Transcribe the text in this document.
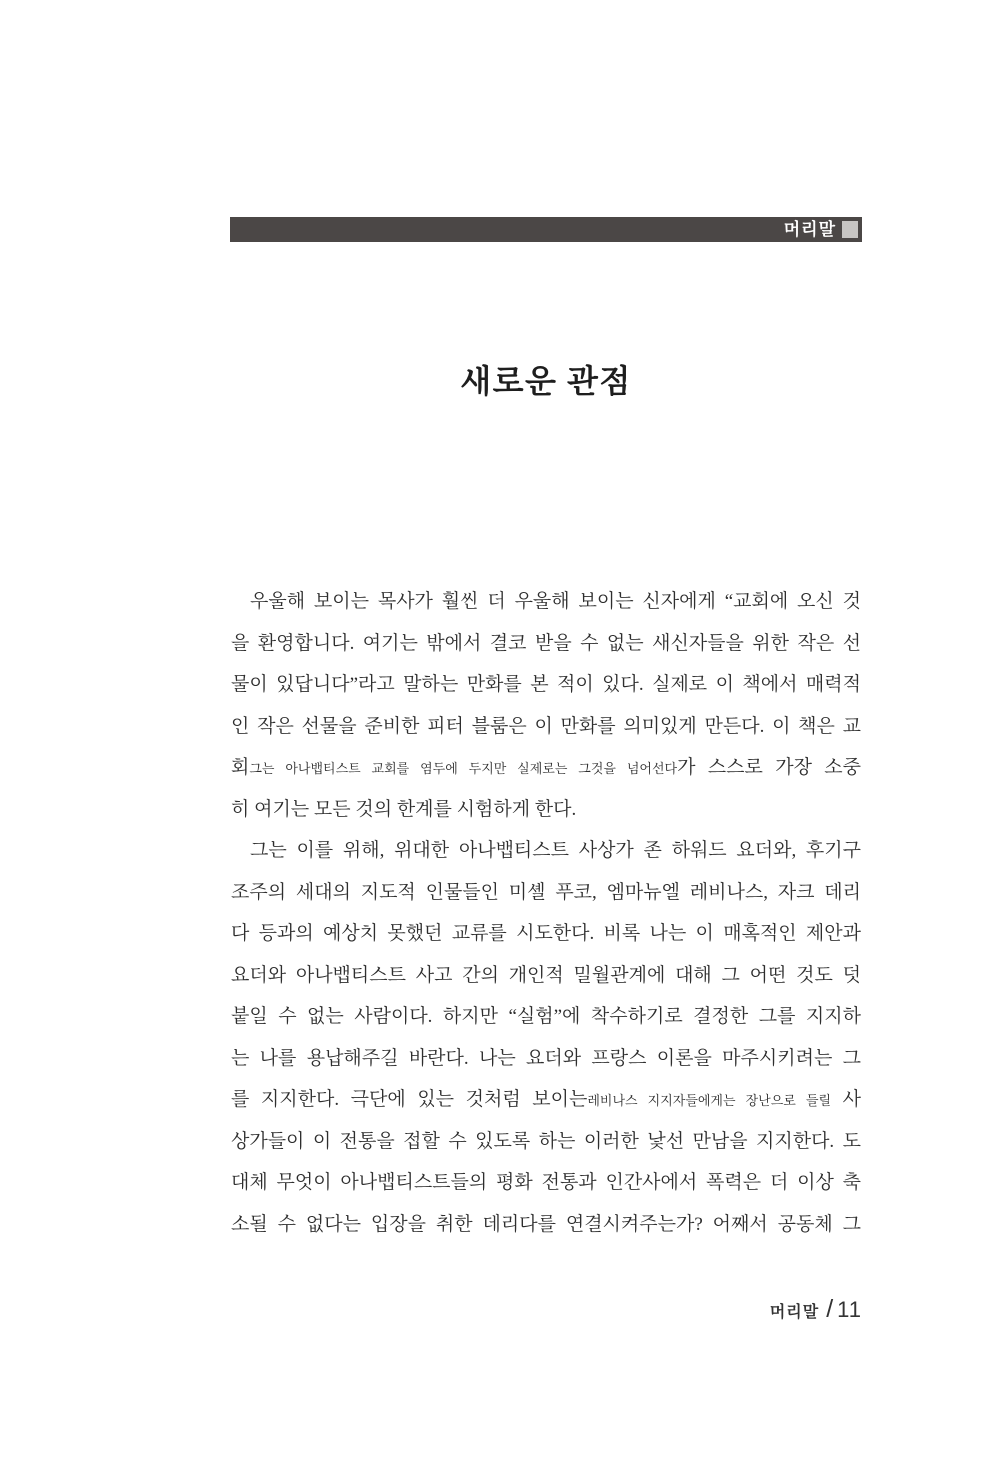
머리말
새로운 관점
우울해 보이는 목사가 훨씬 더 우울해 보이는 신자에게 “교회에 오신 것
을 환영합니다. 여기는 밖에서 결코 받을 수 없는 새신자들을 위한 작은 선
물이 있답니다”라고 말하는 만화를 본 적이 있다. 실제로 이 책에서 매력적
인 작은 선물을 준비한 피터 블룸은 이 만화를 의미있게 만든다. 이 책은 교
회그는 아나뱁티스트 교회를 염두에 두지만 실제로는 그것을 넘어선다가 스스로 가장 소중
히 여기는 모든 것의 한계를 시험하게 한다.
그는 이를 위해, 위대한 아나뱁티스트 사상가 존 하워드 요더와, 후기구
조주의 세대의 지도적 인물들인 미셸 푸코, 엠마뉴엘 레비나스, 자크 데리
다 등과의 예상치 못했던 교류를 시도한다. 비록 나는 이 매혹적인 제안과
요더와 아나뱁티스트 사고 간의 개인적 밀월관계에 대해 그 어떤 것도 덧
붙일 수 없는 사람이다. 하지만 “실험”에 착수하기로 결정한 그를 지지하
는 나를 용납해주길 바란다. 나는 요더와 프랑스 이론을 마주시키려는 그
를 지지한다. 극단에 있는 것처럼 보이는레비나스 지지자들에게는 장난으로 들릴 사
상가들이 이 전통을 접할 수 있도록 하는 이러한 낯선 만남을 지지한다. 도
대체 무엇이 아나뱁티스트들의 평화 전통과 인간사에서 폭력은 더 이상 축
소될 수 없다는 입장을 취한 데리다를 연결시켜주는가? 어째서 공동체 그
머리말 / 11
